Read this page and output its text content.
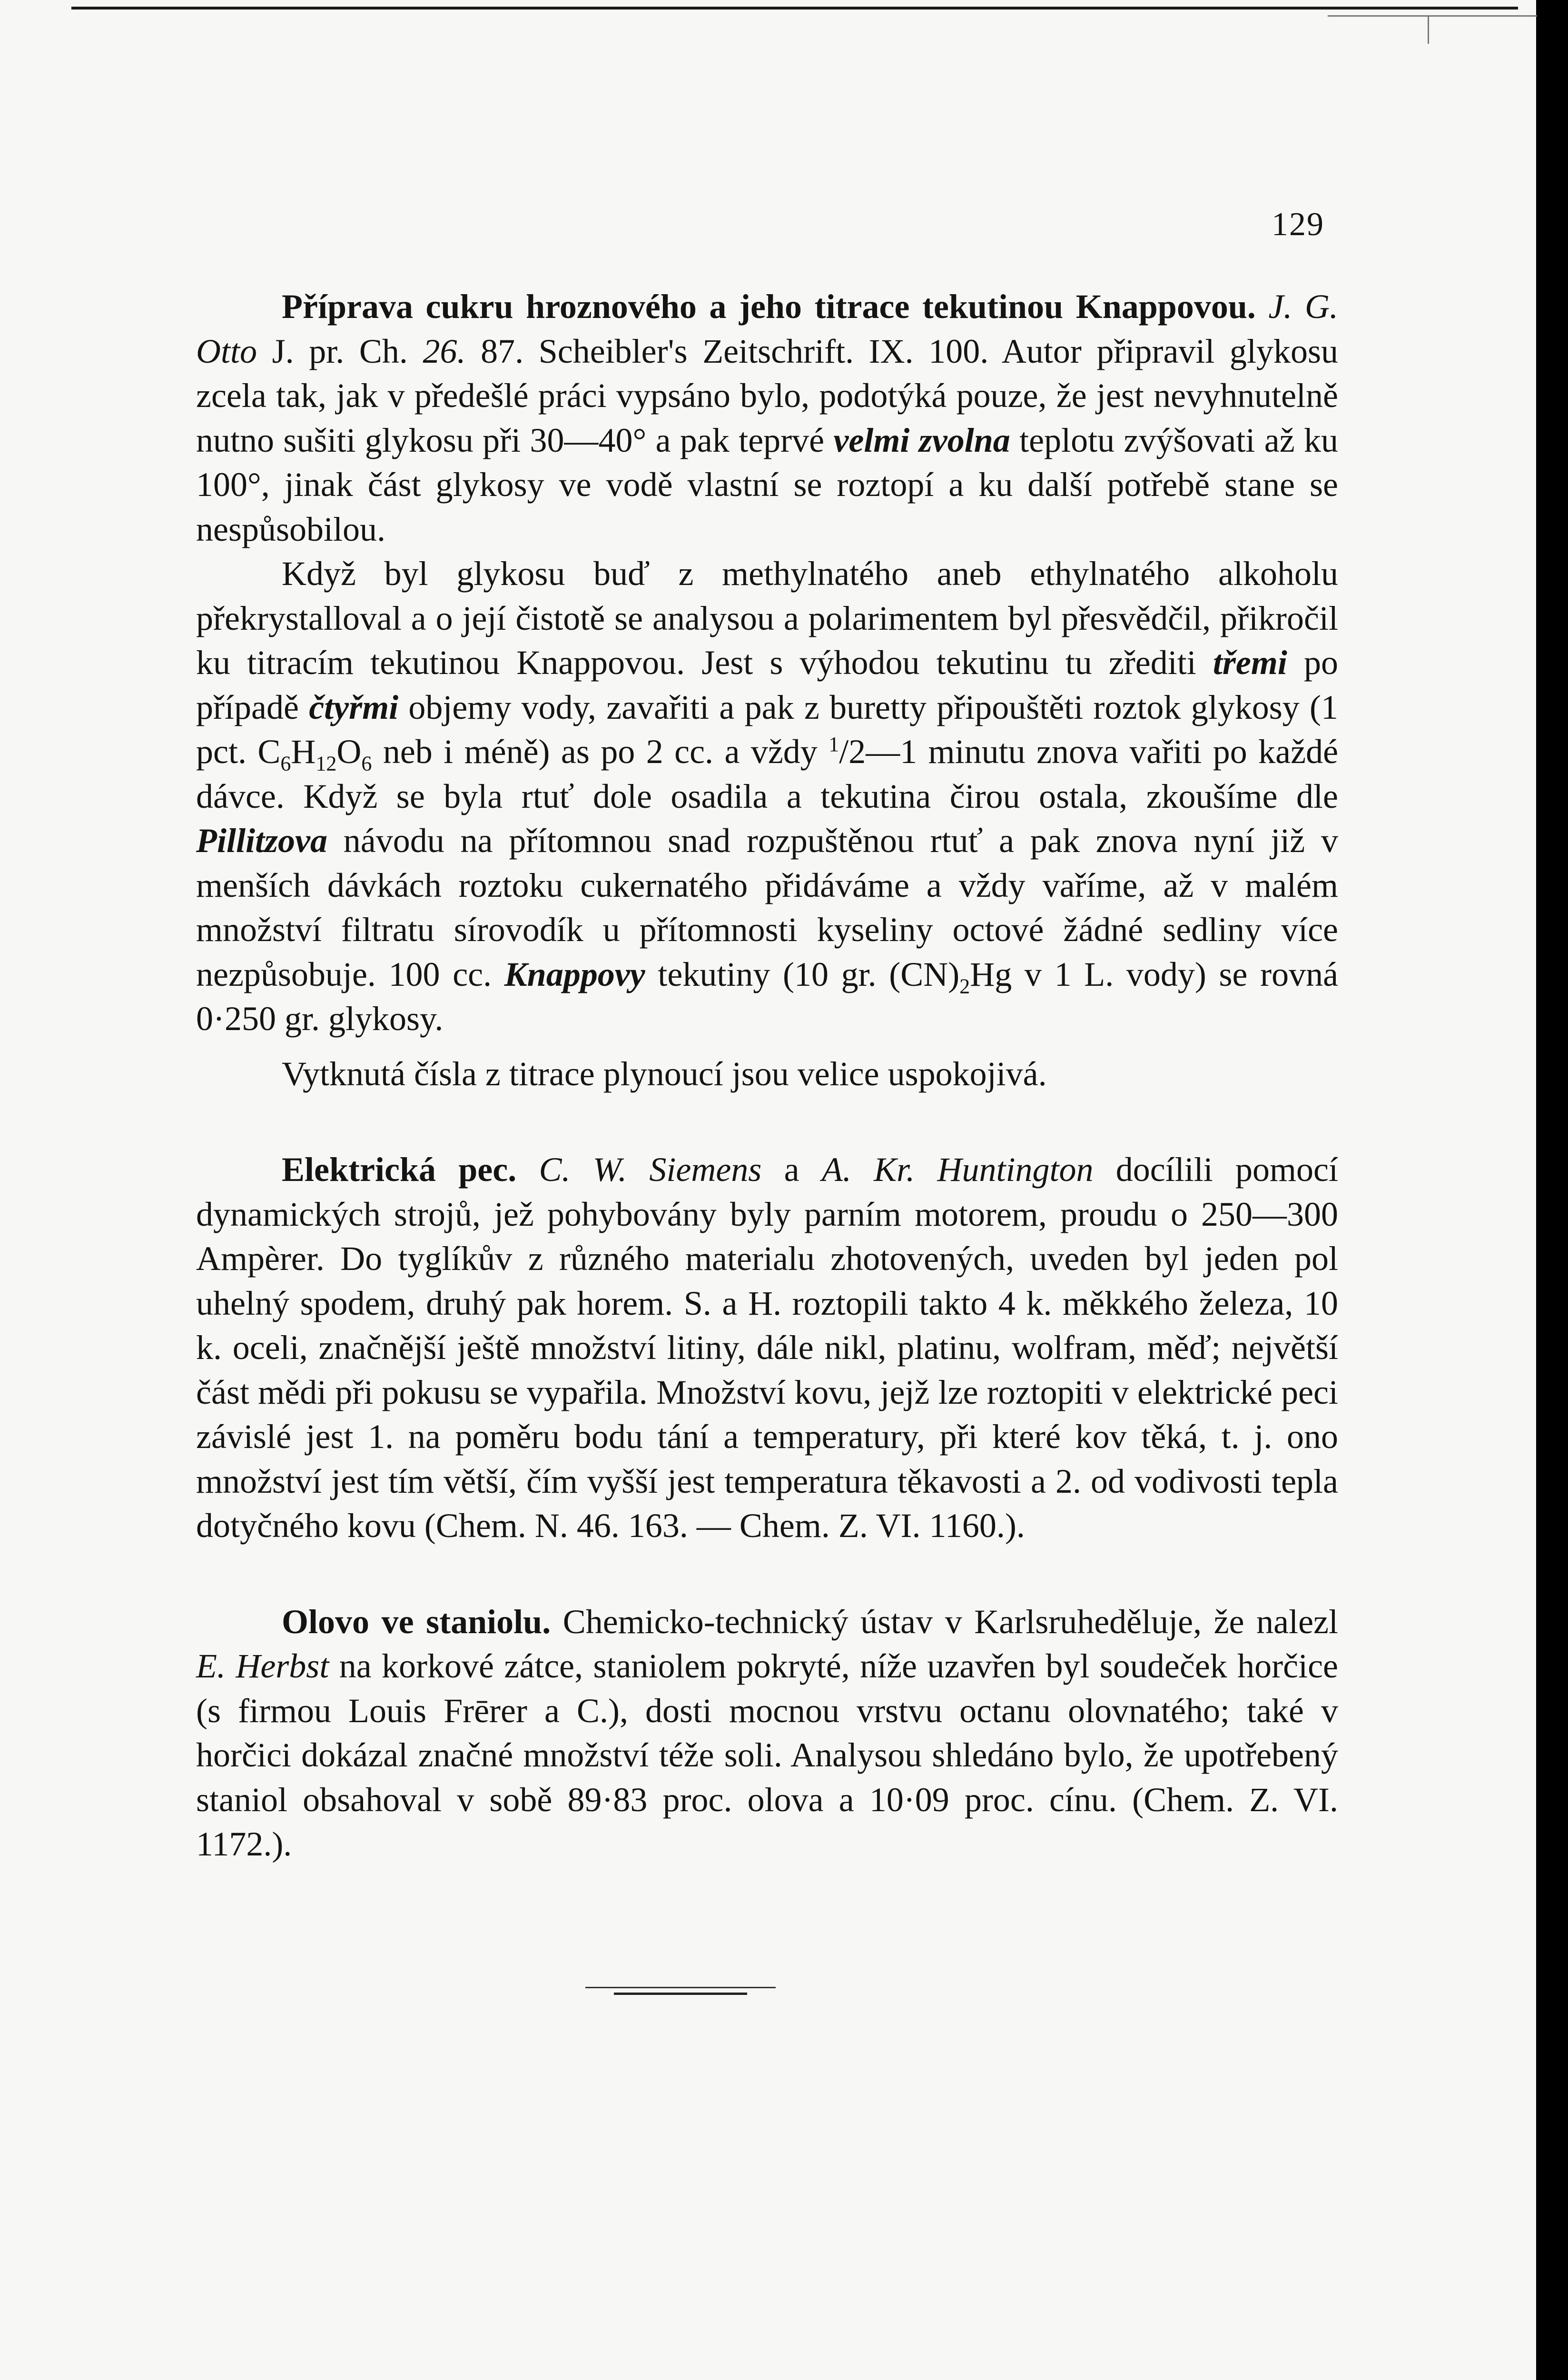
129

Příprava cukru hroznového a jeho titrace tekutinou Knappovou. J. G. Otto J. pr. Ch. 26. 87. Scheibler's Zeitschrift. IX. 100. Autor připravil glykosu zcela tak, jak v předešlé práci vypsáno bylo, podotýká pouze, že jest nevyhnutelně nutno sušiti glykosu při 30—40° a pak teprvé velmi zvolna teplotu zvýšovati až ku 100°, jinak část glykosy ve vodě vlastní se roztopí a ku další potřebě stane se nespůsobilou.

Když byl glykosu buď z methylnatého aneb ethylnatého alkoholu překrystalloval a o její čistotě se analysou a polarimentem byl přesvědčil, přikročil ku titracím tekutinou Knappovou. Jest s výhodou tekutinu tu zřediti třemi po případě čtyřmi objemy vody, zavařiti a pak z buretty připouštěti roztok glykosy (1 pct. $C_6H_{12}O_6$ neb i méně) as po 2 cc. a vždy $^1$/2—1 minutu znova vařiti po každé dávce. Když se byla rtuť dole osadila a tekutina čirou ostala, zkoušíme dle Pillitzova návodu na přítomnou snad rozpuštěnou rtuť a pak znova nyní již v menších dávkách roztoku cukernatého přidáváme a vždy vaříme, až v malém množství filtratu sírovodík u přítomnosti kyseliny octové žádné sedliny více nezpůsobuje. 100 cc. Knappovy tekutiny (10 gr. $(CN)_2Hg$ v 1 L. vody) se rovná 0·250 gr. glykosy.

Vytknutá čísla z titrace plynoucí jsou velice uspokojivá.

Elektrická pec. C. W. Siemens a A. Kr. Huntington docílili pomocí dynamických strojů, jež pohybovány byly parním motorem, proudu o 250—300 Ampèrer. Do tyglíkův z různého materialu zhotovených, uveden byl jeden pol uhelný spodem, druhý pak horem. S. a H. roztopili takto 4 k. měkkého železa, 10 k. oceli, značnější ještě množství litiny, dále nikl, platinu, wolfram, měď; největší část mědi při pokusu se vypařila. Množství kovu, jejž lze roztopiti v elektrické peci závislé jest 1. na poměru bodu tání a temperatury, při které kov těká, t. j. ono množství jest tím větší, čím vyšší jest temperatura těkavosti a 2. od vodivosti tepla dotyčného kovu (Chem. N. 46. 163. — Chem. Z. VI. 1160.).

Olovo ve staniolu. Chemicko-technický ústav v Karlsruheděluje, že nalezl E. Herbst na korkové zátce, staniolem pokryté, níže uzavřen byl soudeček horčice (s firmou Louis Frērer a C.), dosti mocnou vrstvu octanu olovnatého; také v horčici dokázal značné množství téže soli. Analysou shledáno bylo, že upotřebený staniol obsahoval v sobě 89·83 proc. olova a 10·09 proc. cínu. (Chem. Z. VI. 1172.).
